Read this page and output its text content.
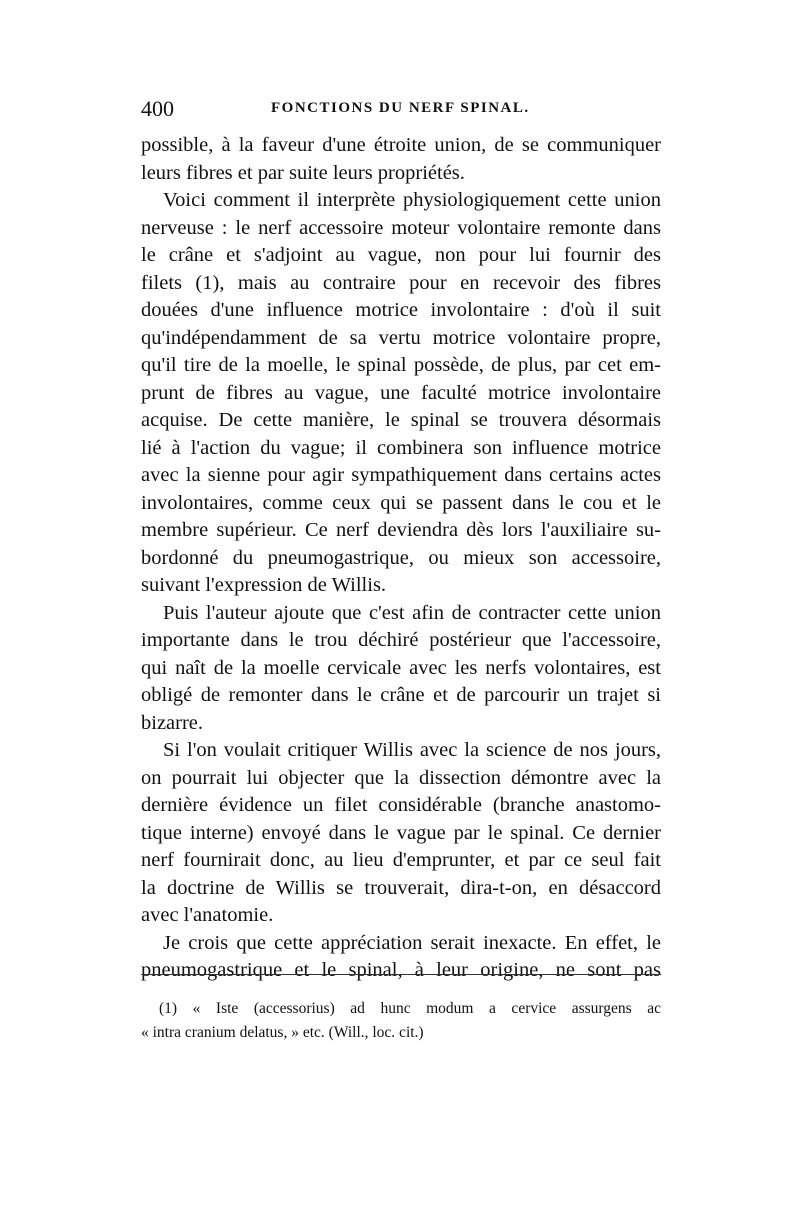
400	FONCTIONS DU NERF SPINAL.
possible, à la faveur d'une étroite union, de se communiquer
leurs fibres et par suite leurs propriétés.
Voici comment il interprète physiologiquement cette union
nerveuse : le nerf accessoire moteur volontaire remonte dans
le crâne et s'adjoint au vague, non pour lui fournir des
filets (1), mais au contraire pour en recevoir des fibres
douées d'une influence motrice involontaire : d'où il suit
qu'indépendamment de sa vertu motrice volontaire propre,
qu'il tire de la moelle, le spinal possède, de plus, par cet em-
prunt de fibres au vague, une faculté motrice involontaire
acquise. De cette manière, le spinal se trouvera désormais
lié à l'action du vague; il combinera son influence motrice
avec la sienne pour agir sympathiquement dans certains actes
involontaires, comme ceux qui se passent dans le cou et le
membre supérieur. Ce nerf deviendra dès lors l'auxiliaire su-
bordonné du pneumogastrique, ou mieux son accessoire,
suivant l'expression de Willis.
Puis l'auteur ajoute que c'est afin de contracter cette union
importante dans le trou déchiré postérieur que l'accessoire,
qui naît de la moelle cervicale avec les nerfs volontaires, est
obligé de remonter dans le crâne et de parcourir un trajet si
bizarre.
Si l'on voulait critiquer Willis avec la science de nos jours,
on pourrait lui objecter que la dissection démontre avec la
dernière évidence un filet considérable (branche anastomo-
tique interne) envoyé dans le vague par le spinal. Ce dernier
nerf fournirait donc, au lieu d'emprunter, et par ce seul fait
la doctrine de Willis se trouverait, dira-t-on, en désaccord
avec l'anatomie.
Je crois que cette appréciation serait inexacte. En effet, le
pneumogastrique et le spinal, à leur origine, ne sont pas
(1) « Iste (accessorius) ad hunc modum a cervice assurgens ac
« intra cranium delatus, » etc. (Will., loc. cit.)
